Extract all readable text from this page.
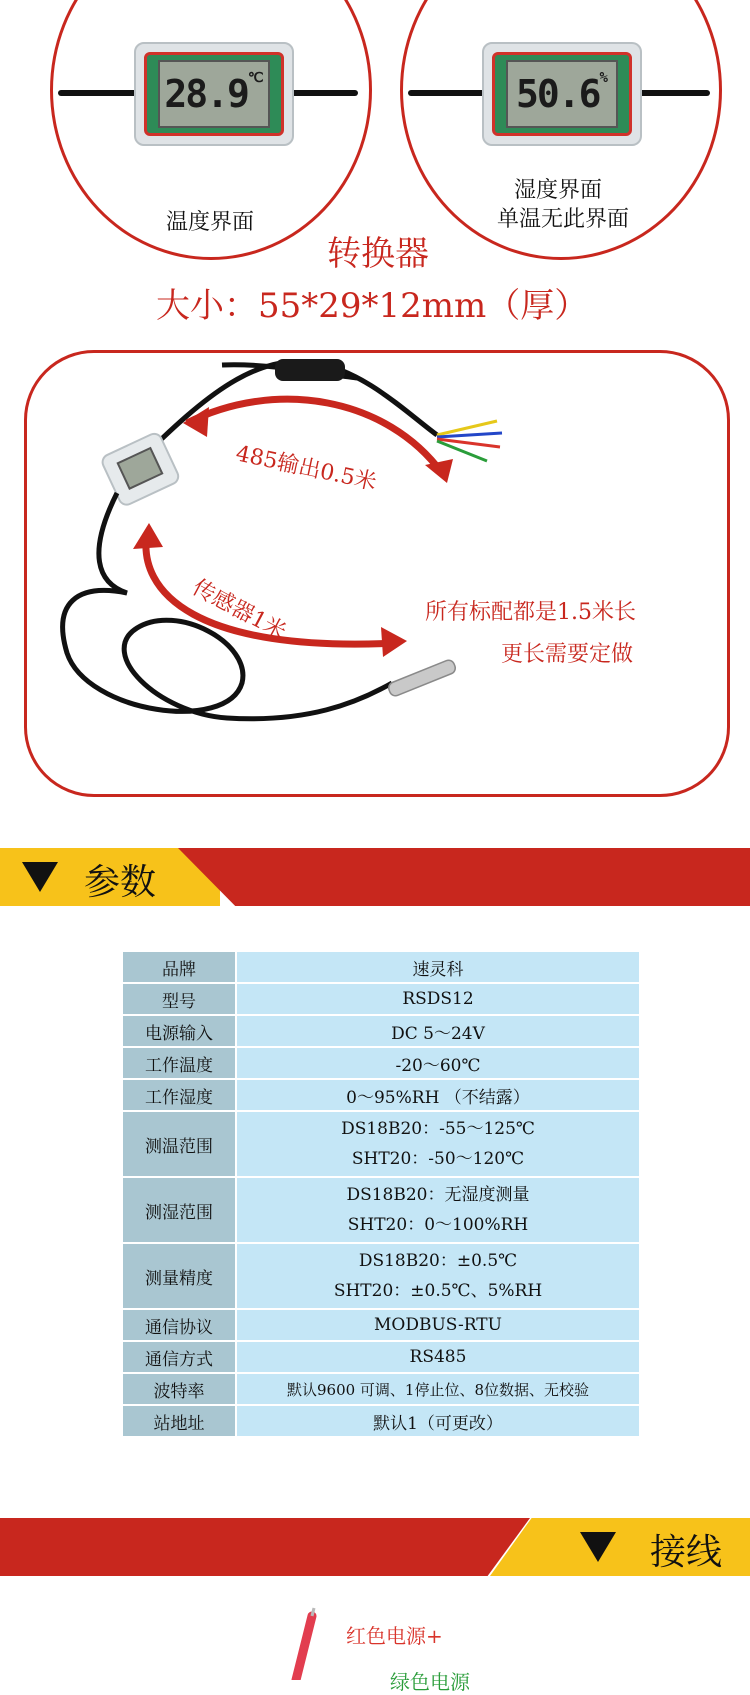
28.9 ℃	50.6 %
温度界面
湿度界面
单温无此界面
转换器
大小：55*29*12mm（厚）
485输出0.5米
传感器1米	所有标配都是1.5米长
更长需要定做
参数
品牌	速灵科
型号	RSDS12
电源输入	DC 5～24V
工作温度	-20～60℃
工作湿度	0～95%RH （不结露）
测温范围	DS18B20：-55～125℃
SHT20：-50～120℃

测湿范围	DS18B20：无湿度测量
SHT20：0～100%RH

测量精度	DS18B20：±0.5℃
SHT20：±0.5℃、5%RH

通信协议	MODBUS-RTU
通信方式	RS485
波特率	默认9600 可调、1停止位、8位数据、无校验
站地址	默认1（可更改）
接线
红色电源+
绿色电源
